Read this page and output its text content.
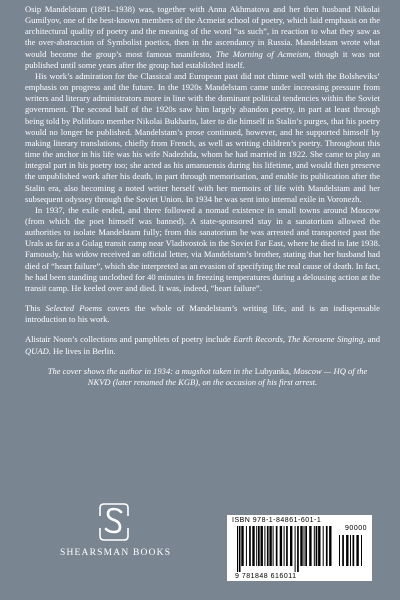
Osip Mandelstam (1891–1938) was, together with Anna Akhmatova and her then husband Nikolai Gumilyov, one of the best-known members of the Acmeist school of poetry, which laid emphasis on the architectural quality of poetry and the meaning of the word “as such”, in reaction to what they saw as the over-abstraction of Symbolist poetics, then in the ascendancy in Russia. Mandelstam wrote what would become the group’s most famous manifesto, The Morning of Acmeism, though it was not published until some years after the group had established itself.

His work’s admiration for the Classical and European past did not chime well with the Bolsheviks’ emphasis on progress and the future. In the 1920s Mandelstam came under increasing pressure from writers and literary administrators more in line with the dominant political tendencies within the Soviet government. The second half of the 1920s saw him largely abandon poetry, in part at least through being told by Politburo member Nikolai Bukharin, later to die himself in Stalin’s purges, that his poetry would no longer be published. Mandelstam’s prose continued, however, and he supported himself by making literary translations, chiefly from French, as well as writing children’s poetry. Throughout this time the anchor in his life was his wife Nadezhda, whom he had married in 1922. She came to play an integral part in his poetry too; she acted as his amanuensis during his lifetime, and would then preserve the unpublished work after his death, in part through memorisation, and enable its publication after the Stalin era, also becoming a noted writer herself with her memoirs of life with Mandelstam and her subsequent odyssey through the Soviet Union. In 1934 he was sent into internal exile in Voronezh.

In 1937, the exile ended, and there followed a nomad existence in small towns around Moscow (from which the poet himself was banned). A state-sponsored stay in a sanatorium allowed the authorities to isolate Mandelstam fully; from this sanatorium he was arrested and transported past the Urals as far as a Gulag transit camp near Vladivostok in the Soviet Far East, where he died in late 1938. Famously, his widow received an official letter, via Mandelstam’s brother, stating that her husband had died of “heart failure”, which she interpreted as an evasion of specifying the real cause of death. In fact, he had been standing unclothed for 40 minutes in freezing temperatures during a delousing action at the transit camp. He keeled over and died. It was, indeed, “heart failure”.

This Selected Poems covers the whole of Mandelstam’s writing life, and is an indispensable introduction to his work.

Alistair Noon’s collections and pamphlets of poetry include Earth Records, The Kerosene Singing, and QUAD. He lives in Berlin.

The cover shows the author in 1934: a mugshot taken in the Lubyanka, Moscow — HQ of the NKVD (later renamed the KGB), on the occasion of his first arrest.

SHEARSMAN BOOKS
ISBN 978-1-84861-601-1
90000
9 781848 616011
